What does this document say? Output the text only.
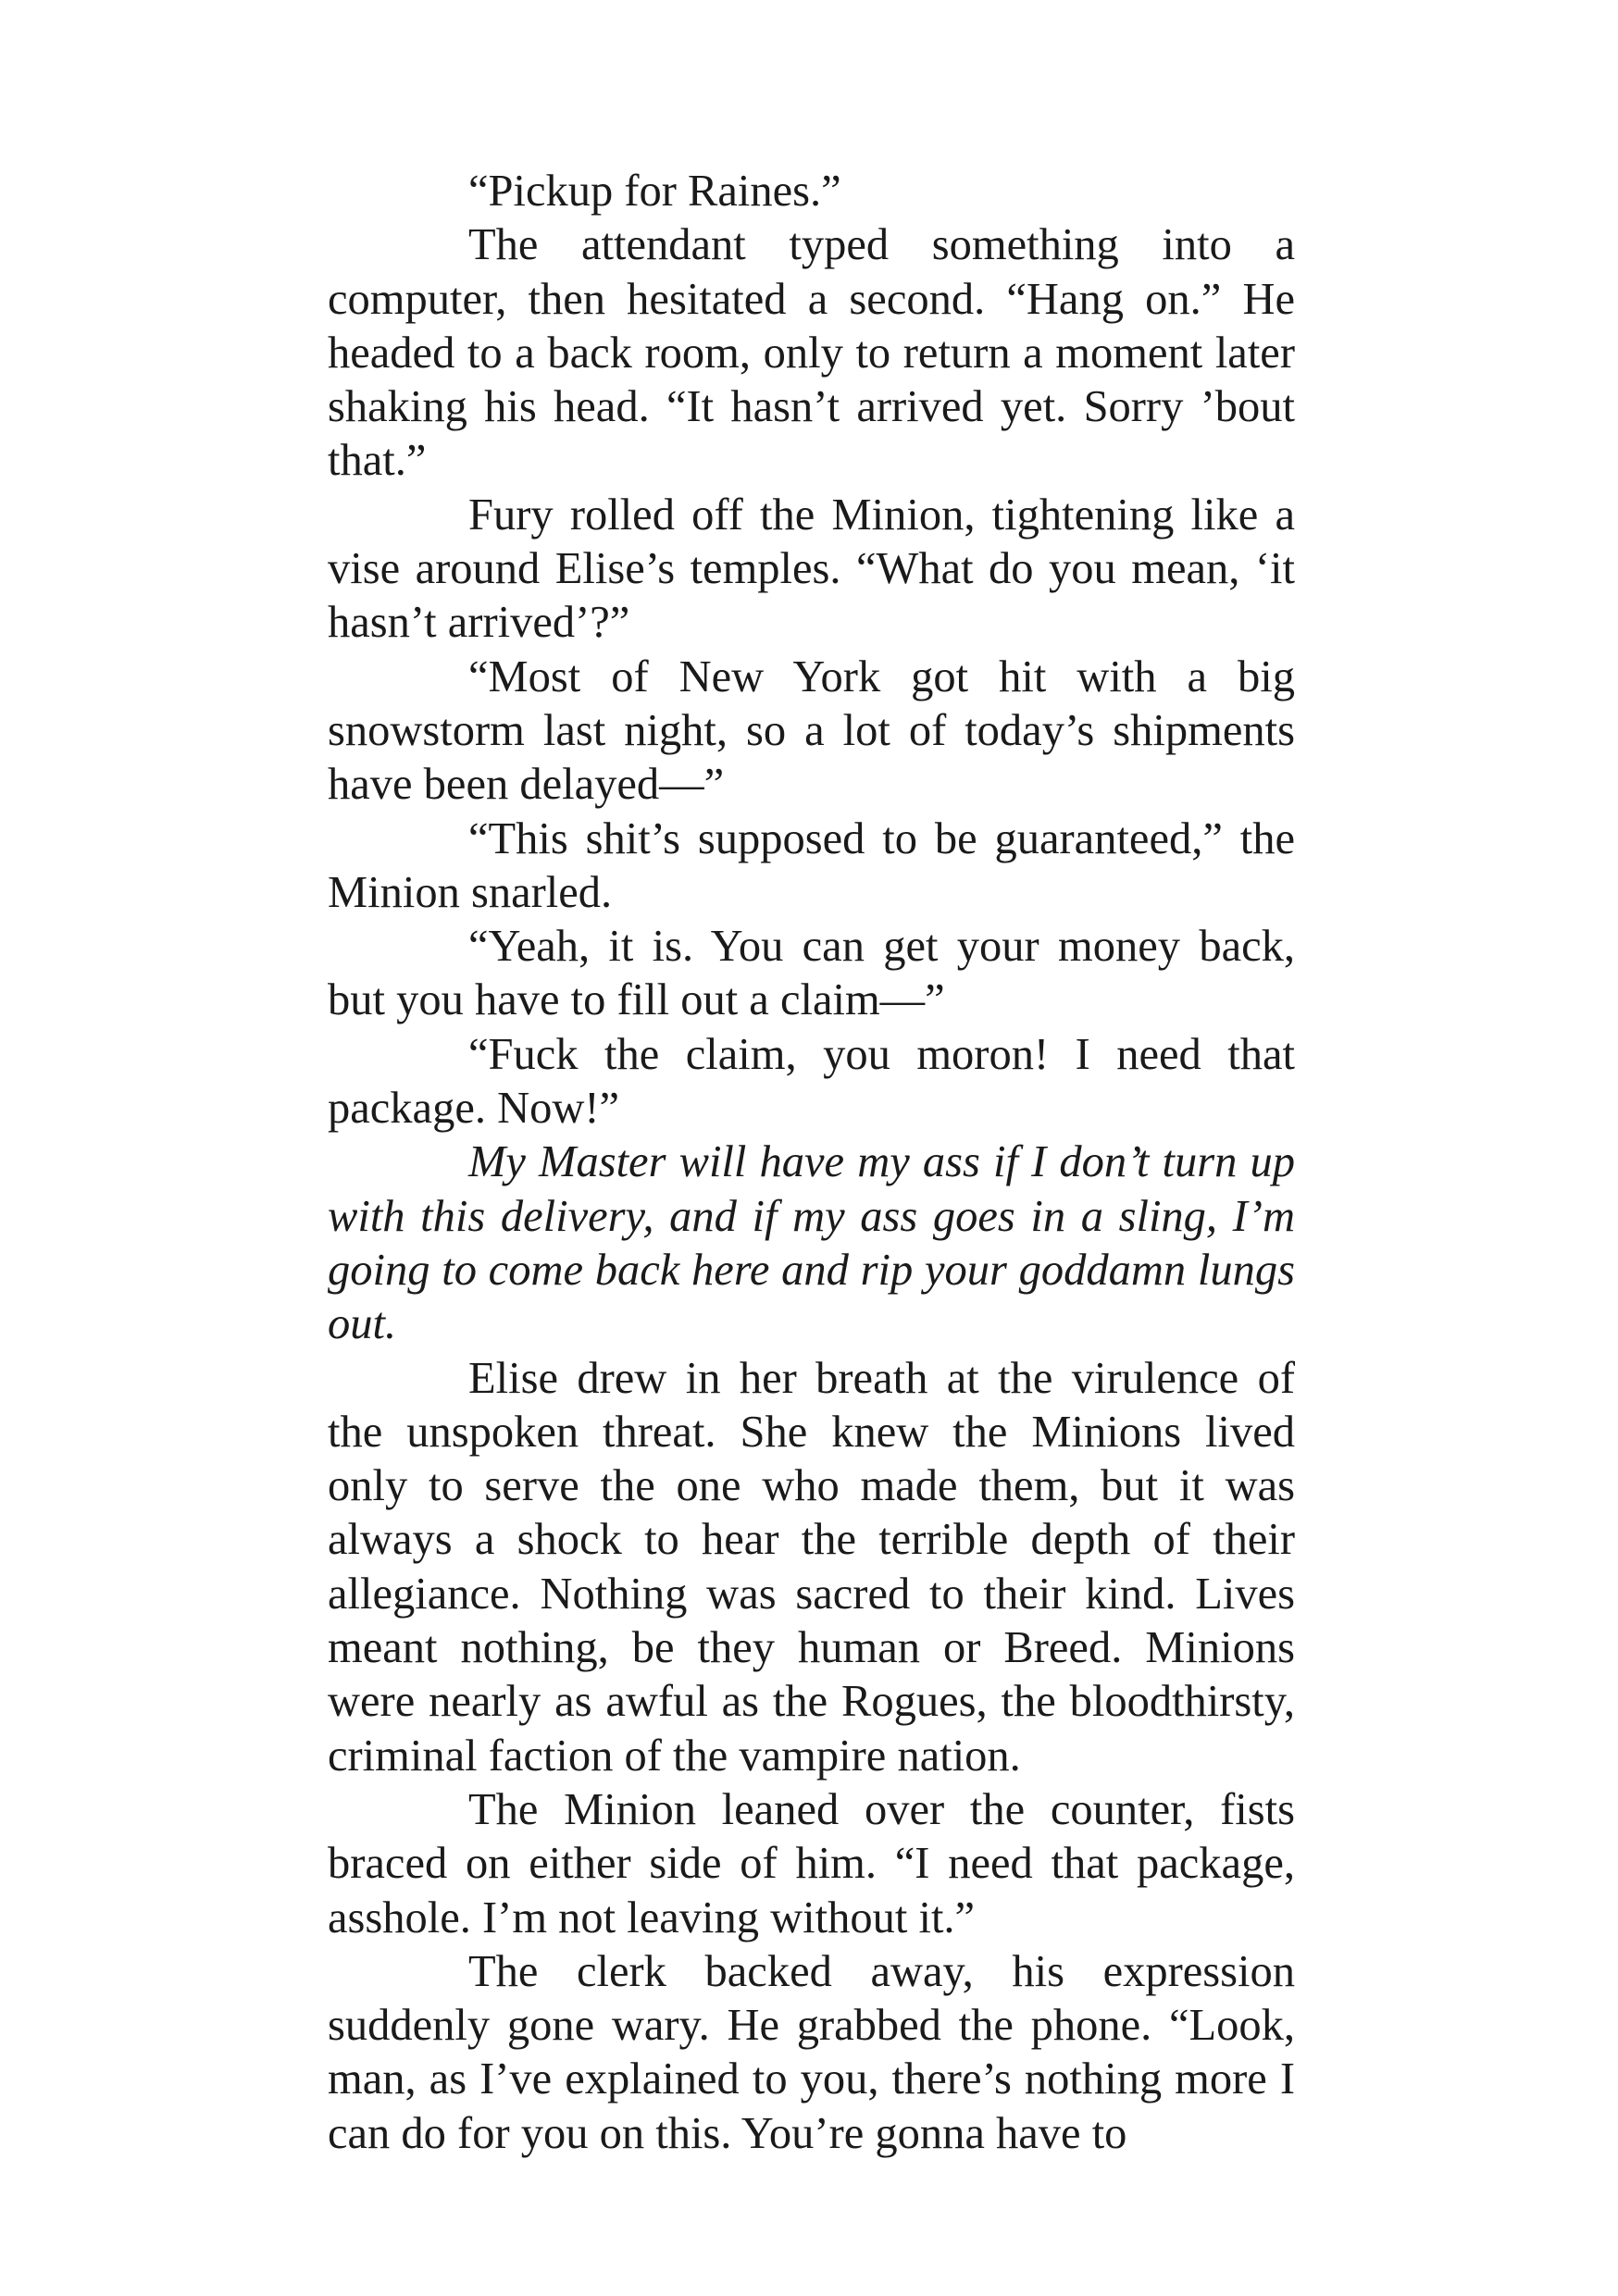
“Pickup for Raines.”

The attendant typed something into a computer, then hesitated a second. “Hang on.” He headed to a back room, only to return a moment later shaking his head. “It hasn’t arrived yet. Sorry ’bout that.”

Fury rolled off the Minion, tightening like a vise around Elise’s temples. “What do you mean, ‘it hasn’t arrived’?”

“Most of New York got hit with a big snowstorm last night, so a lot of today’s shipments have been delayed—”

“This shit’s supposed to be guaranteed,” the Minion snarled.

“Yeah, it is. You can get your money back, but you have to fill out a claim—”

“Fuck the claim, you moron! I need that package. Now!”

My Master will have my ass if I don’t turn up with this delivery, and if my ass goes in a sling, I’m going to come back here and rip your goddamn lungs out.

Elise drew in her breath at the virulence of the unspoken threat. She knew the Minions lived only to serve the one who made them, but it was always a shock to hear the terrible depth of their allegiance. Nothing was sacred to their kind. Lives meant nothing, be they human or Breed. Minions were nearly as awful as the Rogues, the bloodthirsty, criminal faction of the vampire nation.

The Minion leaned over the counter, fists braced on either side of him. “I need that package, asshole. I’m not leaving without it.”

The clerk backed away, his expression suddenly gone wary. He grabbed the phone. “Look, man, as I’ve explained to you, there’s nothing more I can do for you on this. You’re gonna have to
